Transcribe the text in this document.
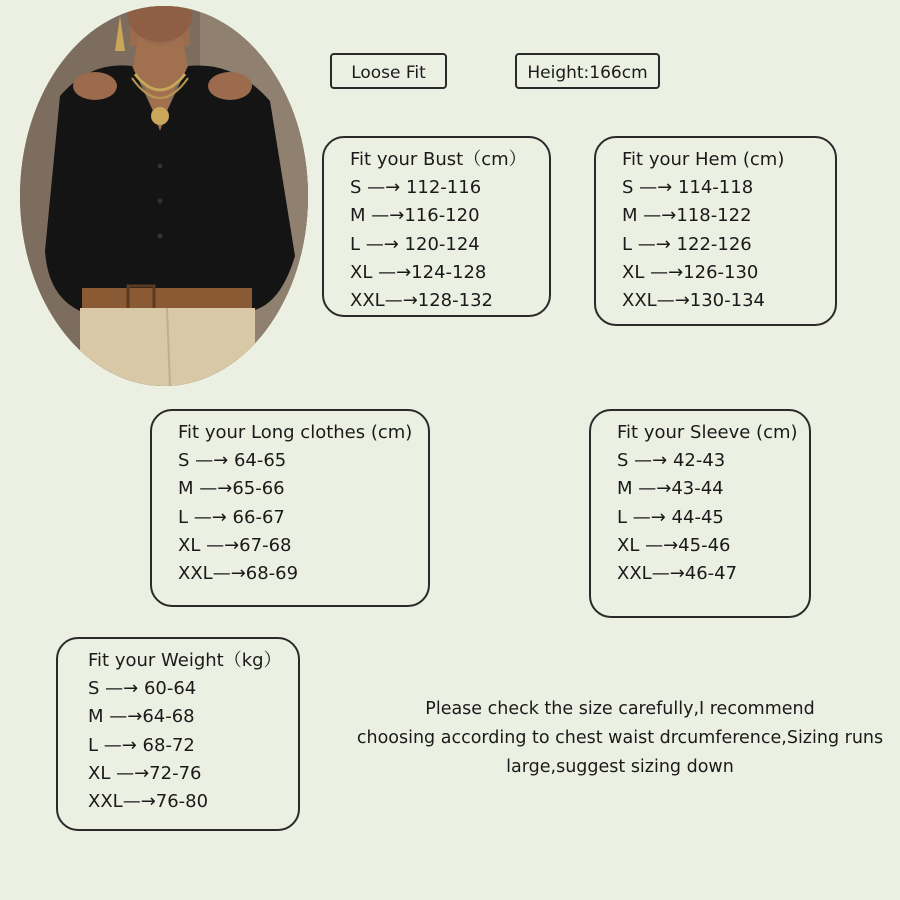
Loose Fit	Height:166cm
Fit your Bust（cm）
S —→ 112-116
M —→116-120
L —→ 120-124
XL —→124-128
XXL—→128-132
Fit your Hem (cm)
S —→ 114-118
M —→118-122
L —→ 122-126
XL —→126-130
XXL—→130-134
Fit your Long clothes (cm)
S —→ 64-65
M —→65-66
L —→ 66-67
XL —→67-68
XXL—→68-69
Fit your Sleeve (cm)
S —→ 42-43
M —→43-44
L —→ 44-45
XL —→45-46
XXL—→46-47
Fit your Weight（kg）
S —→ 60-64
M —→64-68
L —→ 68-72
XL —→72-76
XXL—→76-80
Please check the size carefully,I recommend
choosing according to chest waist drcumference,Sizing runs
large,suggest sizing down
